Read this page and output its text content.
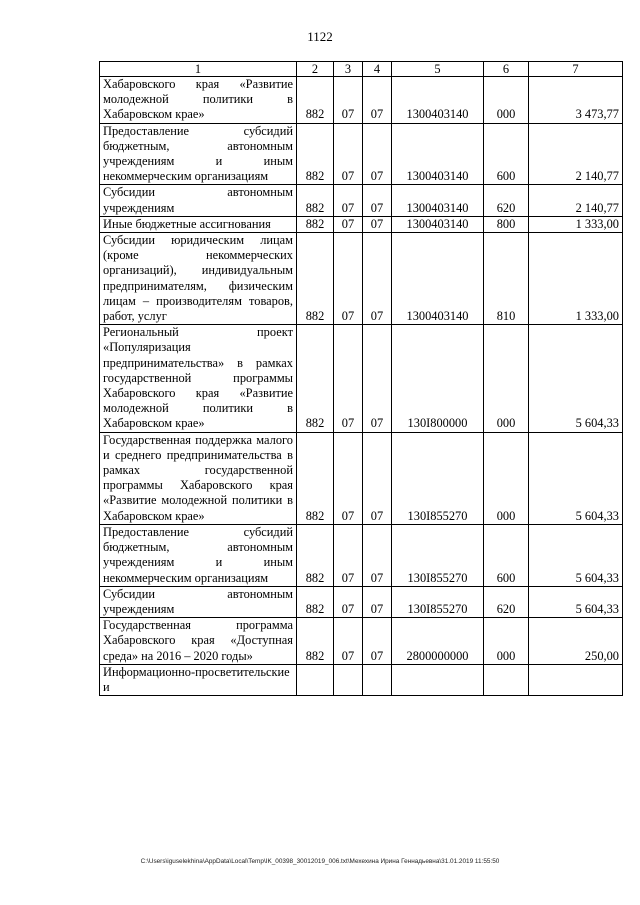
1122
1	2	3	4	5	6	7
Хабаровского края «Развитие молодежной политики в Хабаровском крае»	882	07	07	1300403140	000	3 473,77
Предоставление субсидий бюджетным, автономным учреждениям и иным некоммерческим организациям	882	07	07	1300403140	600	2 140,77
Субсидии автономным учреждениям	882	07	07	1300403140	620	2 140,77
Иные бюджетные ассигнования	882	07	07	1300403140	800	1 333,00
Субсидии юридическим лицам (кроме некоммерческих организаций), индивидуальным предпринимателям, физическим лицам – производителям товаров, работ, услуг	882	07	07	1300403140	810	1 333,00
Региональный проект «Популяризация предпринимательства» в рамках государственной программы Хабаровского края «Развитие молодежной политики в Хабаровском крае»	882	07	07	130I800000	000	5 604,33
Государственная поддержка малого и среднего предпринимательства в рамках государственной программы Хабаровского края «Развитие молодежной политики в Хабаровском крае»	882	07	07	130I855270	000	5 604,33
Предоставление субсидий бюджетным, автономным учреждениям и иным некоммерческим организациям	882	07	07	130I855270	600	5 604,33
Субсидии автономным учреждениям	882	07	07	130I855270	620	5 604,33
Государственная программа Хабаровского края «Доступная среда» на 2016 – 2020 годы»	882	07	07	2800000000	000	250,00
Информационно-просветительские и						
C:\Users\iguselekhina\AppData\Local\Temp\IK_00398_30012019_006.txt\Мехехина Ирина Геннадьевна\31.01.2019 11:55:50
